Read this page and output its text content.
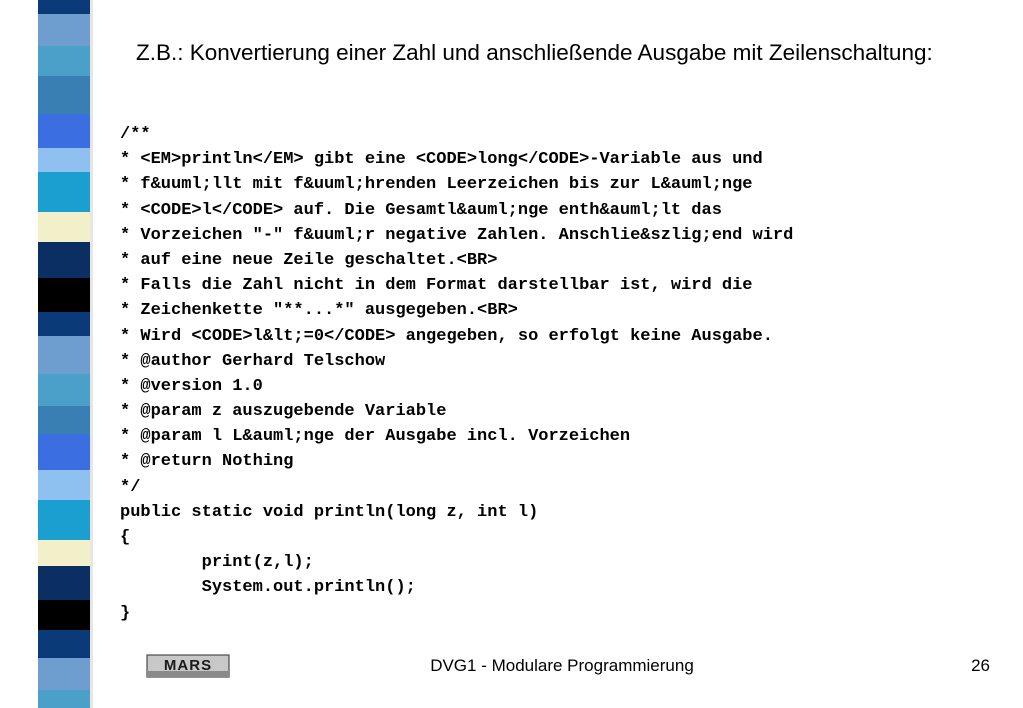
Z.B.: Konvertierung einer Zahl und anschließende Ausgabe mit Zeilenschaltung:
/**
* <EM>println</EM> gibt eine <CODE>long</CODE>-Variable aus und
* f&uuml;llt mit f&uuml;hrenden Leerzeichen bis zur L&auml;nge
* <CODE>l</CODE> auf. Die Gesamtl&auml;nge enth&auml;lt das
* Vorzeichen "-" f&uuml;r negative Zahlen. Anschlie&szlig;end wird
* auf eine neue Zeile geschaltet.<BR>
* Falls die Zahl nicht in dem Format darstellbar ist, wird die
* Zeichenkette "**...*" ausgegeben.<BR>
* Wird <CODE>l&lt;=0</CODE> angegeben, so erfolgt keine Ausgabe.
* @author Gerhard Telschow
* @version 1.0
* @param z auszugebende Variable
* @param l L&auml;nge der Ausgabe incl. Vorzeichen
* @return Nothing
*/
public static void println(long z, int l)
{
print(z,l);
System.out.println();
}
MARS	DVG1 - Modulare Programmierung	26
